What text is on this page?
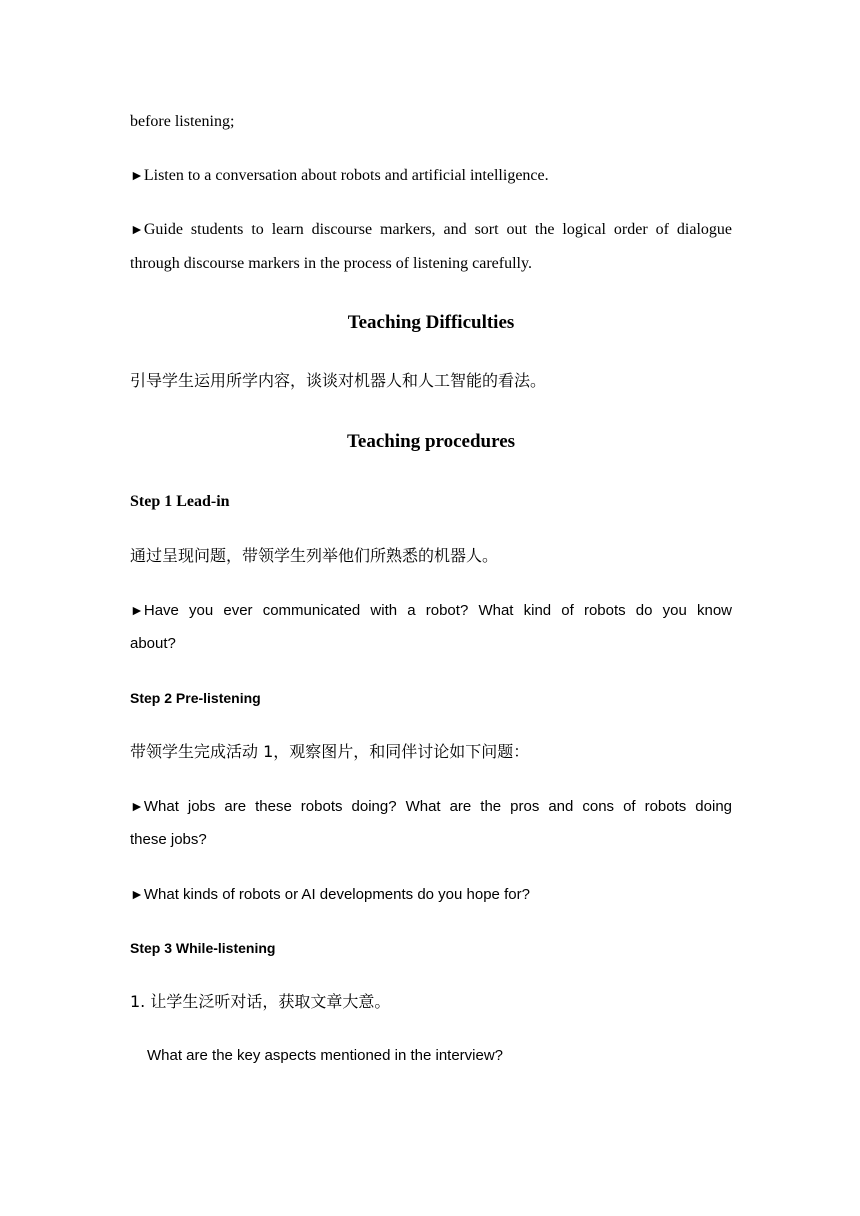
before listening;

►Listen to a conversation about robots and artificial intelligence.

►Guide students to learn discourse markers, and sort out the logical order of dialogue

through discourse markers in the process of listening carefully.

Teaching Difficulties

引导学生运用所学内容，谈谈对机器人和人工智能的看法。

Teaching procedures

Step 1 Lead-in

通过呈现问题，带领学生列举他们所熟悉的机器人。

►Have you ever communicated with a robot? What kind of robots do you know

about?

Step 2 Pre-listening

带领学生完成活动 1，观察图片，和同伴讨论如下问题：

►What jobs are these robots doing? What are the pros and cons of robots doing

these jobs?

►What kinds of robots or AI developments do you hope for?

Step 3 While-listening

1. 让学生泛听对话，获取文章大意。

What are the key aspects mentioned in the interview?
